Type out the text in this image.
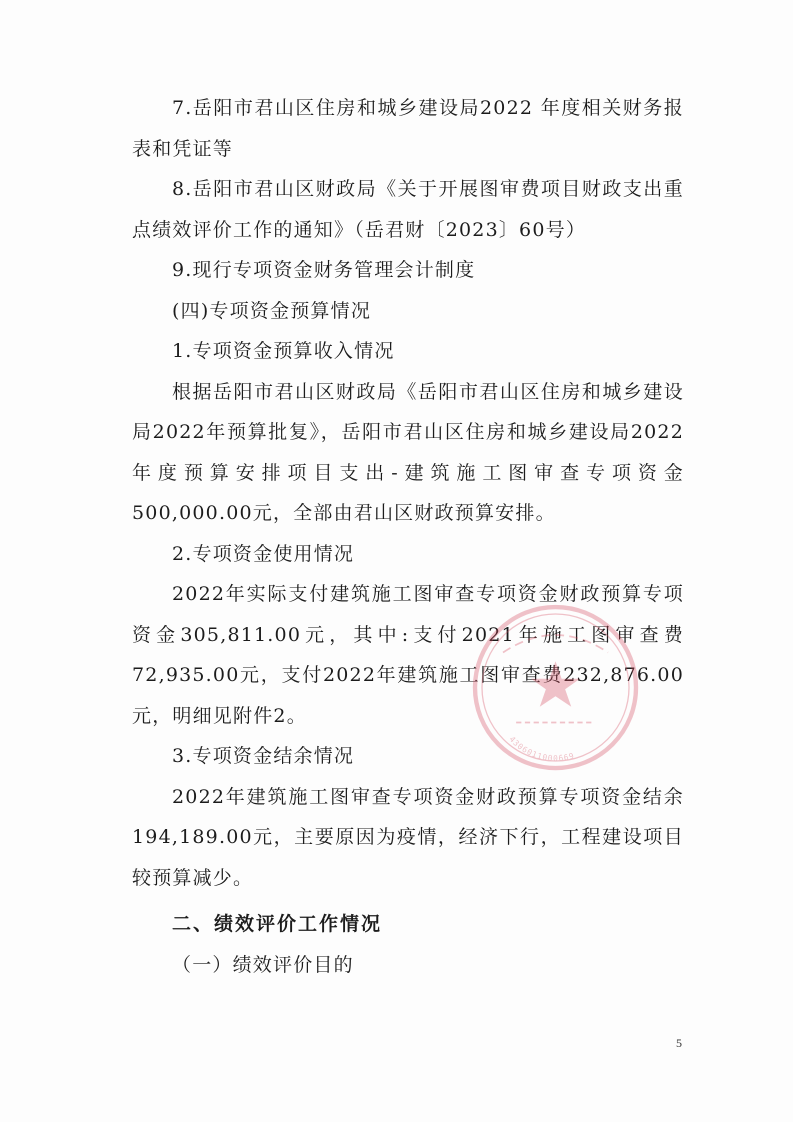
7.岳阳市君山区住房和城乡建设局2022 年度相关财务报表和凭证等

8.岳阳市君山区财政局《关于开展图审费项目财政支出重点绩效评价工作的通知》（岳君财〔2023〕60号）

9.现行专项资金财务管理会计制度

(四)专项资金预算情况

1.专项资金预算收入情况

根据岳阳市君山区财政局《岳阳市君山区住房和城乡建设局2022年预算批复》，岳阳市君山区住房和城乡建设局2022年度预算安排项目支出-建筑施工图审查专项资金500,000.00元，全部由君山区财政预算安排。

2.专项资金使用情况

2022年实际支付建筑施工图审查专项资金财政预算专项资金305,811.00元，其中:支付2021年施工图审查费72,935.00元，支付2022年建筑施工图审查费232,876.00元，明细见附件2。

3.专项资金结余情况

2022年建筑施工图审查专项资金财政预算专项资金结余194,189.00元，主要原因为疫情，经济下行，工程建设项目较预算减少。

二、绩效评价工作情况

（一）绩效评价目的

4306011000669
5
